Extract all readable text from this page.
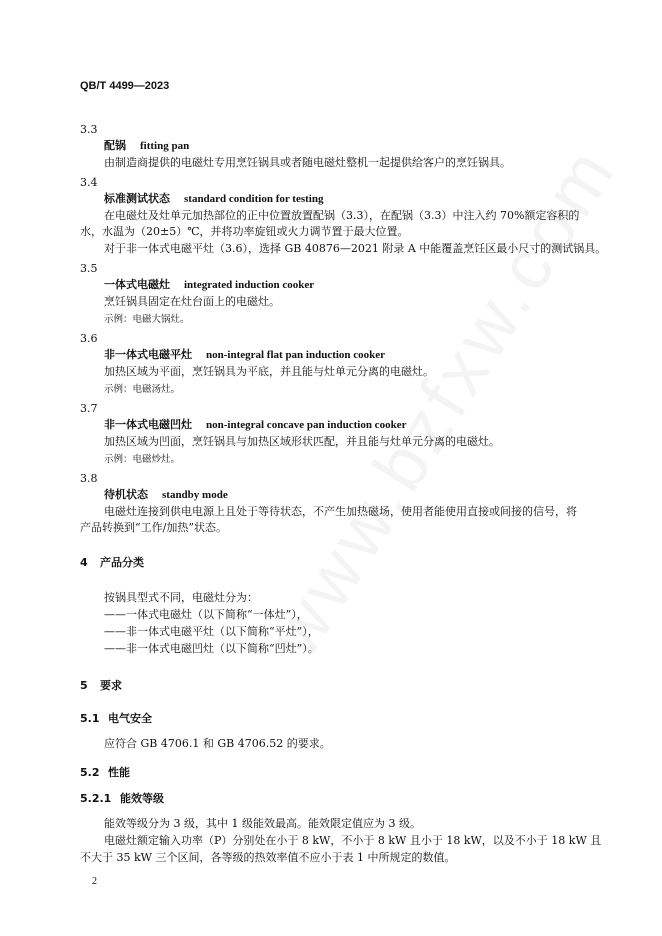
QB/T 4499—2023
3.3
配锅 fitting pan
由制造商提供的电磁灶专用烹饪锅具或者随电磁灶整机一起提供给客户的烹饪锅具。
3.4
标准测试状态 standard condition for testing
在电磁灶及灶单元加热部位的正中位置放置配锅（3.3），在配锅（3.3）中注入约 70%额定容积的
水，水温为（20±5）℃，并将功率旋钮或火力调节置于最大位置。
对于非一体式电磁平灶（3.6），选择 GB 40876—2021 附录 A 中能覆盖烹饪区最小尺寸的测试锅具。
3.5
一体式电磁灶 integrated induction cooker
烹饪锅具固定在灶台面上的电磁灶。
示例：电磁大锅灶。
3.6
非一体式电磁平灶 non-integral flat pan induction cooker
加热区域为平面，烹饪锅具为平底，并且能与灶单元分离的电磁灶。
示例：电磁汤灶。
3.7
非一体式电磁凹灶 non-integral concave pan induction cooker
加热区域为凹面，烹饪锅具与加热区域形状匹配，并且能与灶单元分离的电磁灶。
示例：电磁炒灶。
3.8
待机状态 standby mode
电磁灶连接到供电电源上且处于等待状态，不产生加热磁场，使用者能使用直接或间接的信号，将
产品转换到“工作/加热”状态。
4 产品分类
按锅具型式不同，电磁灶分为：
——一体式电磁灶（以下简称“一体灶”），
——非一体式电磁平灶（以下简称“平灶”），
——非一体式电磁凹灶（以下简称“凹灶”）。
5 要求
5.1 电气安全
应符合 GB 4706.1 和 GB 4706.52 的要求。
5.2 性能
5.2.1 能效等级
能效等级分为 3 级，其中 1 级能效最高。能效限定值应为 3 级。
电磁灶额定输入功率（P）分别处在小于 8 kW，不小于 8 kW 且小于 18 kW，以及不小于 18 kW 且
不大于 35 kW 三个区间，各等级的热效率值不应小于表 1 中所规定的数值。
2
